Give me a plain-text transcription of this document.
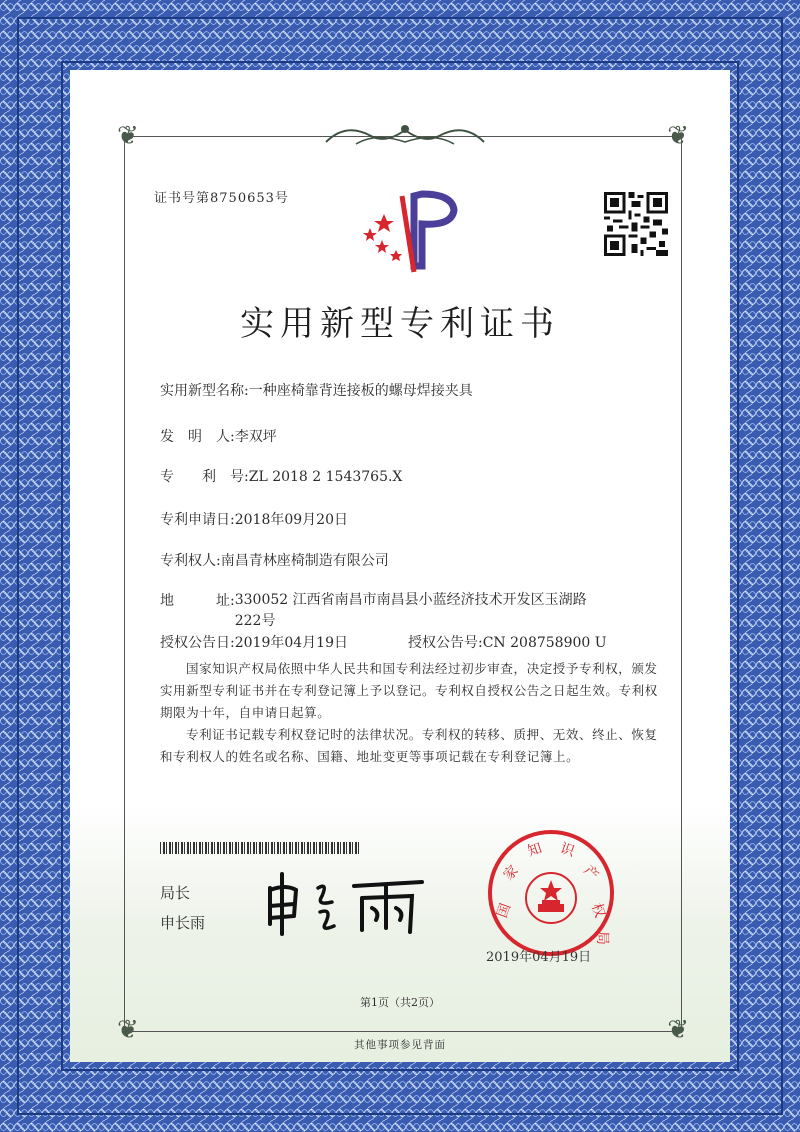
❦	❦
❦	❦
证书号第8750653号
实用新型专利证书
实用新型名称:一种座椅靠背连接板的螺母焊接夹具
发　明　人:李双坪
专　　利　号:ZL 2018 2 1543765.X
专利申请日:2018年09月20日
专利权人:南昌青林座椅制造有限公司
地　　　址:330052 江西省南昌市南昌县小蓝经济技术开发区玉湖路222号
授权公告日:2019年04月19日	授权公告号:CN 208758900 U
国家知识产权局依照中华人民共和国专利法经过初步审查，决定授予专利权，颁发实用新型专利证书并在专利登记簿上予以登记。专利权自授权公告之日起生效。专利权期限为十年，自申请日起算。
专利证书记载专利权登记时的法律状况。专利权的转移、质押、无效、终止、恢复和专利权人的姓名或名称、国籍、地址变更等事项记载在专利登记簿上。
局长
申长雨
国
家
知 识
产
权
局
2019年04月19日
第1页（共2页）
其他事项参见背面
